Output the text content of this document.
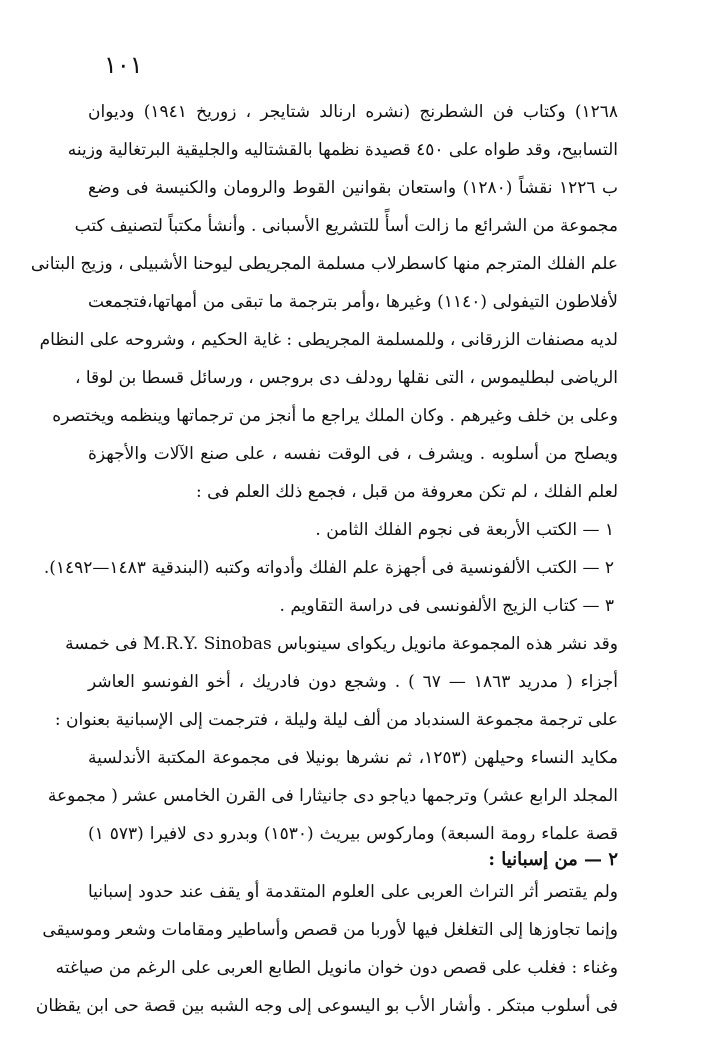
١٠١
١٢٦٨) وكتاب فن الشطرنج (نشره ارنالد شتايجر ، زوريخ ١٩٤١) وديوان
التسابيح، وقد طواه على ٤٥٠ قصيدة نظمها بالقشتاليه والجليقية البرتغالية وزينه
ب ١٢٢٦ نقشاً (١٢٨٠) واستعان بقوانين القوط والرومان والكنيسة فى وضع
مجموعة من الشرائع ما زالت أسأً للتشريع الأسبانى . وأنشأ مكتباً لتصنيف كتب
علم الفلك المترجم منها كاسطرلاب مسلمة المجريطى ليوحنا الأشبيلى ، وزيج البتانى
لأفلاطون التيفولى (١١٤٠) وغيرها ،وأمر بترجمة ما تبقى من أمهاتها،فتجمعت
لديه مصنفات الزرقانى ، وللمسلمة المجريطى : غاية الحكيم ، وشروحه على النظام
الرياضى لبطليموس ، التى نقلها رودلف دى بروجس ، ورسائل قسطا بن لوقا ،
وعلى بن خلف وغيرهم . وكان الملك يراجع ما أنجز من ترجماتها وينظمه ويختصره
ويصلح من أسلوبه . ويشرف ، فى الوقت نفسه ، على صنع الآلات والأجهزة
لعلم الفلك ، لم تكن معروفة من قبل ، فجمع ذلك العلم فى :
١ — الكتب الأربعة فى نجوم الفلك الثامن .
٢ — الكتب الألفونسية فى أجهزة علم الفلك وأدواته وكتبه (البندقية ١٤٨٣—١٤٩٢).
٣ — كتاب الزيج الألفونسى فى دراسة التقاويم .
وقد نشر هذه المجموعة مانويل ريكواى سينوباس M.R.Y. Sinobas فى خمسة
أجزاء ( مدريد ١٨٦٣ — ٦٧ ) . وشجع دون فادريك ، أخو الفونسو العاشر
على ترجمة مجموعة السندباد من ألف ليلة وليلة ، فترجمت إلى الإسبانية بعنوان :
مكايد النساء وحيلهن (١٢٥٣، ثم نشرها بونيلا فى مجموعة المكتبة الأندلسية
المجلد الرابع عشر) وترجمها دياجو دى جانيثارا فى القرن الخامس عشر ( مجموعة
قصة علماء رومة السبعة) وماركوس بيريث (١٥٣٠) وبدرو دى لافيرا (٥٧٣ ١)
٢ — من إسبانيا :
ولم يقتصر أثر التراث العربى على العلوم المتقدمة أو يقف عند حدود إسبانيا
وإنما تجاوزها إلى التغلغل فيها لأوربا من قصص وأساطير ومقامات وشعر وموسيقى
وغناء : فغلب على قصص دون خوان مانويل الطابع العربى على الرغم من صياغته
فى أسلوب مبتكر . وأشار الأب بو اليسوعى إلى وجه الشبه بين قصة حى ابن يقظان
